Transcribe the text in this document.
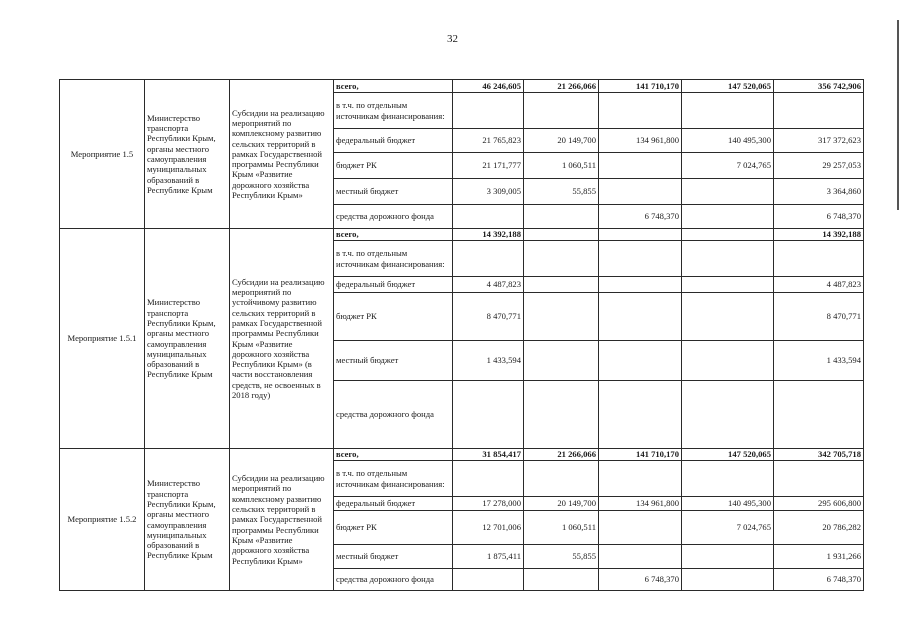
32
Мероприятие 1.5	Министерство транспорта Республики Крым, органы местного самоуправления муниципальных образований в Республике Крым	Субсидии на реализацию мероприятий по комплексному развитию сельских территорий в рамках Государственной программы Республики Крым «Развитие дорожного хозяйства Республики Крым»	всего,	46 246,605	21 266,066	141 710,170	147 520,065	356 742,906
			в т.ч. по отдельным источникам финансирования:					
			федеральный бюджет	21 765,823	20 149,700	134 961,800	140 495,300	317 372,623
			бюджет РК	21 171,777	1 060,511		7 024,765	29 257,053
			местный бюджет	3 309,005	55,855			3 364,860
			средства дорожного фонда			6 748,370		6 748,370
Мероприятие 1.5.1	Министерство транспорта Республики Крым, органы местного самоуправления муниципальных образований в Республике Крым	Субсидии на реализацию мероприятий по устойчивому развитию сельских территорий в рамках Государственной программы Республики Крым «Развитие дорожного хозяйства Республики Крым» (в части восстановления средств, не освоенных в 2018 году)	всего,	14 392,188				14 392,188
			в т.ч. по отдельным источникам финансирования:					
			федеральный бюджет	4 487,823				4 487,823
			бюджет РК	8 470,771				8 470,771
			местный бюджет	1 433,594				1 433,594
			средства дорожного фонда					
Мероприятие 1.5.2	Министерство транспорта Республики Крым, органы местного самоуправления муниципальных образований в Республике Крым	Субсидии на реализацию мероприятий по комплексному развитию сельских территорий в рамках Государственной программы Республики Крым «Развитие дорожного хозяйства Республики Крым»	всего,	31 854,417	21 266,066	141 710,170	147 520,065	342 705,718
			в т.ч. по отдельным источникам финансирования:					
			федеральный бюджет	17 278,000	20 149,700	134 961,800	140 495,300	295 606,800
			бюджет РК	12 701,006	1 060,511		7 024,765	20 786,282
			местный бюджет	1 875,411	55,855			1 931,266
			средства дорожного фонда			6 748,370		6 748,370
